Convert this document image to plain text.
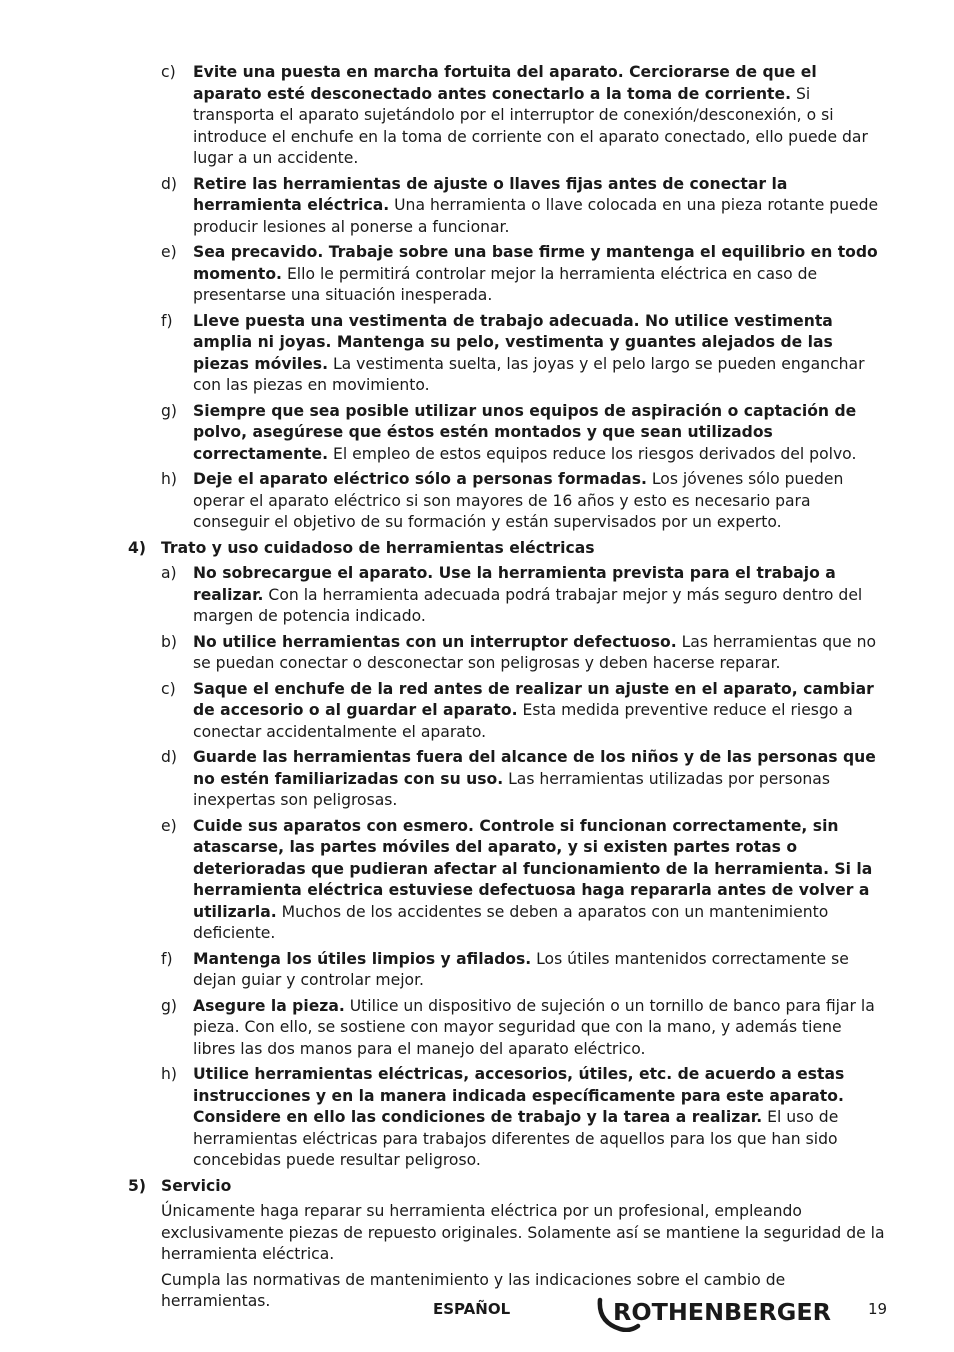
c) Evite una puesta en marcha fortuita del aparato. Cerciorarse de que el aparato esté desconectado antes conectarlo a la toma de corriente. Si transporta el aparato sujetándolo por el interruptor de conexión/desconexión, o si introduce el enchufe en la toma de corriente con el aparato conectado, ello puede dar lugar a un accidente.
d) Retire las herramientas de ajuste o llaves fijas antes de conectar la herramienta eléctrica. Una herramienta o llave colocada en una pieza rotante puede producir lesiones al ponerse a funcionar.
e) Sea precavido. Trabaje sobre una base firme y mantenga el equilibrio en todo momento. Ello le permitirá controlar mejor la herramienta eléctrica en caso de presentarse una situación inesperada.
f) Lleve puesta una vestimenta de trabajo adecuada. No utilice vestimenta amplia ni joyas. Mantenga su pelo, vestimenta y guantes alejados de las piezas móviles. La vestimenta suelta, las joyas y el pelo largo se pueden enganchar con las piezas en movimiento.
g) Siempre que sea posible utilizar unos equipos de aspiración o captación de polvo, asegúrese que éstos estén montados y que sean utilizados correctamente. El empleo de estos equipos reduce los riesgos derivados del polvo.
h) Deje el aparato eléctrico sólo a personas formadas. Los jóvenes sólo pueden operar el aparato eléctrico si son mayores de 16 años y esto es necesario para conseguir el objetivo de su formación y están supervisados por un experto.
4) Trato y uso cuidadoso de herramientas eléctricas
a) No sobrecargue el aparato. Use la herramienta prevista para el trabajo a realizar. Con la herramienta adecuada podrá trabajar mejor y más seguro dentro del margen de potencia indicado.
b) No utilice herramientas con un interruptor defectuoso. Las herramientas que no se puedan conectar o desconectar son peligrosas y deben hacerse reparar.
c) Saque el enchufe de la red antes de realizar un ajuste en el aparato, cambiar de accesorio o al guardar el aparato. Esta medida preventive reduce el riesgo a conectar accidentalmente el aparato.
d) Guarde las herramientas fuera del alcance de los niños y de las personas que no estén familiarizadas con su uso. Las herramientas utilizadas por personas inexpertas son peligrosas.
e) Cuide sus aparatos con esmero. Controle si funcionan correctamente, sin atascarse, las partes móviles del aparato, y si existen partes rotas o deterioradas que pudieran afectar al funcionamiento de la herramienta. Si la herramienta eléctrica estuviese defectuosa haga repararla antes de volver a utilizarla. Muchos de los accidentes se deben a aparatos con un mantenimiento deficiente.
f) Mantenga los útiles limpios y afilados. Los útiles mantenidos correctamente se dejan guiar y controlar mejor.
g) Asegure la pieza. Utilice un dispositivo de sujeción o un tornillo de banco para fijar la pieza. Con ello, se sostiene con mayor seguridad que con la mano, y además tiene libres las dos manos para el manejo del aparato eléctrico.
h) Utilice herramientas eléctricas, accesorios, útiles, etc. de acuerdo a estas instrucciones y en la manera indicada específicamente para este aparato. Considere en ello las condiciones de trabajo y la tarea a realizar. El uso de herramientas eléctricas para trabajos diferentes de aquellos para los que han sido concebidas puede resultar peligroso.
5) Servicio
Únicamente haga reparar su herramienta eléctrica por un profesional, empleando exclusivamente piezas de repuesto originales. Solamente así se mantiene la seguridad de la herramienta eléctrica.
Cumpla las normativas de mantenimiento y las indicaciones sobre el cambio de herramientas.	ESPAÑOL	ROTHENBERGER 19
